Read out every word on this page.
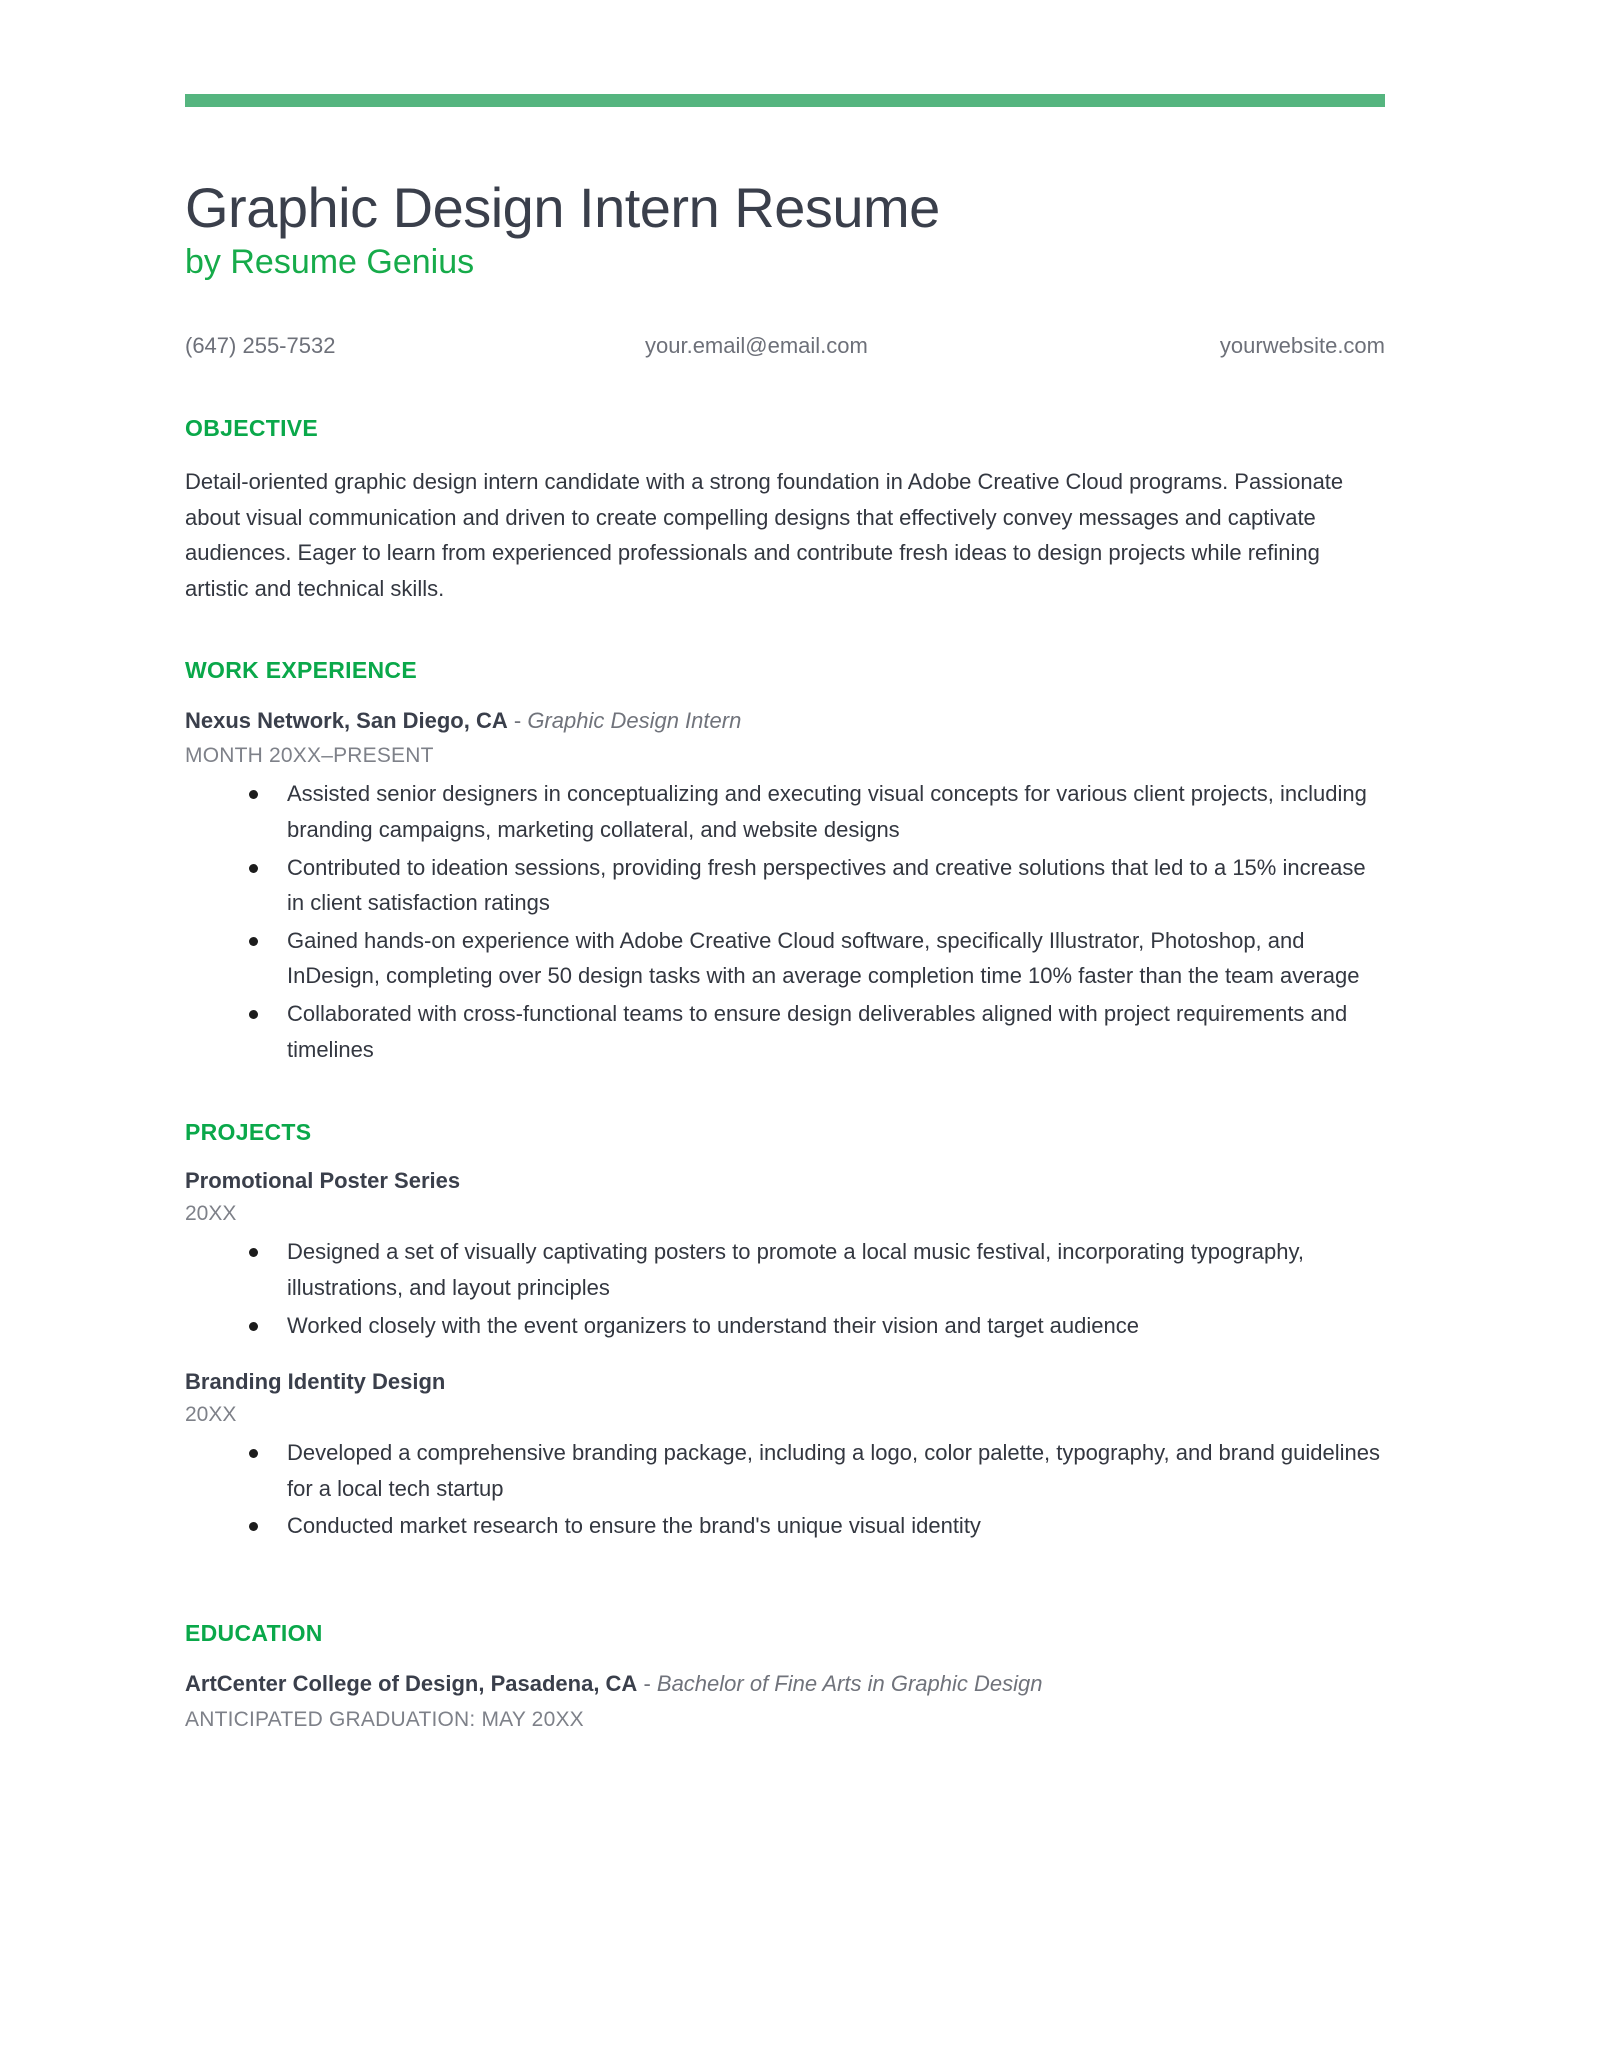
Graphic Design Intern Resume
by Resume Genius
(647) 255-7532	your.email@email.com	yourwebsite.com
OBJECTIVE

Detail-oriented graphic design intern candidate with a strong foundation in Adobe Creative Cloud programs. Passionate about visual communication and driven to create compelling designs that effectively convey messages and captivate audiences. Eager to learn from experienced professionals and contribute fresh ideas to design projects while refining artistic and technical skills.

WORK EXPERIENCE
Nexus Network, San Diego, CA - Graphic Design Intern
MONTH 20XX–PRESENT
Assisted senior designers in conceptualizing and executing visual concepts for various client projects, including branding campaigns, marketing collateral, and website designs
Contributed to ideation sessions, providing fresh perspectives and creative solutions that led to a 15% increase in client satisfaction ratings
Gained hands-on experience with Adobe Creative Cloud software, specifically Illustrator, Photoshop, and InDesign, completing over 50 design tasks with an average completion time 10% faster than the team average
Collaborated with cross-functional teams to ensure design deliverables aligned with project requirements and timelines
PROJECTS
Promotional Poster Series
20XX
Designed a set of visually captivating posters to promote a local music festival, incorporating typography, illustrations, and layout principles
Worked closely with the event organizers to understand their vision and target audience
Branding Identity Design
20XX
Developed a comprehensive branding package, including a logo, color palette, typography, and brand guidelines for a local tech startup
Conducted market research to ensure the brand's unique visual identity
EDUCATION
ArtCenter College of Design, Pasadena, CA - Bachelor of Fine Arts in Graphic Design
ANTICIPATED GRADUATION: MAY 20XX
